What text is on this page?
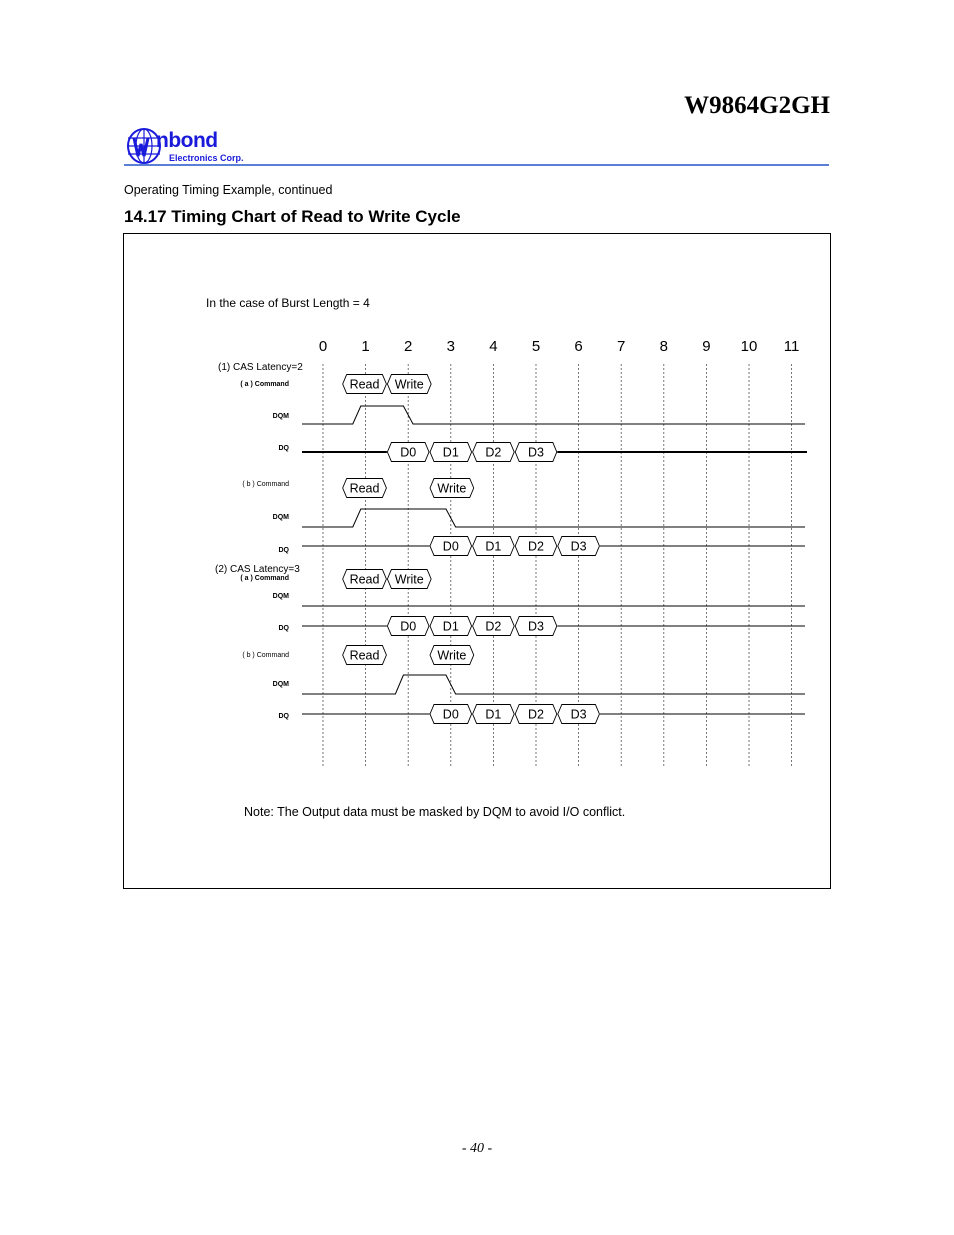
W9864G2GH
nbond
Electronics Corp.

Operating Timing Example, continued

14.17 Timing Chart of Read to Write Cycle
In the case of Burst Length = 4
(1) CAS Latency=2
(2) CAS Latency=3
Note: The Output data must be masked by DQM to avoid I/O conflict.
0 1 2 3 4 5 6 7 8 9 10 11
( a ) Command
DQM
DQ
Read Write
D0 D1 D2 D3
( b ) Command
DQM
DQ
Read	Write
D0 D1 D2 D3
( a ) Command
DQM
DQ
Read Write
D0 D1 D2 D3
( b ) Command
DQM
DQ
Read	Write
D0 D1 D2 D3
- 40 -
